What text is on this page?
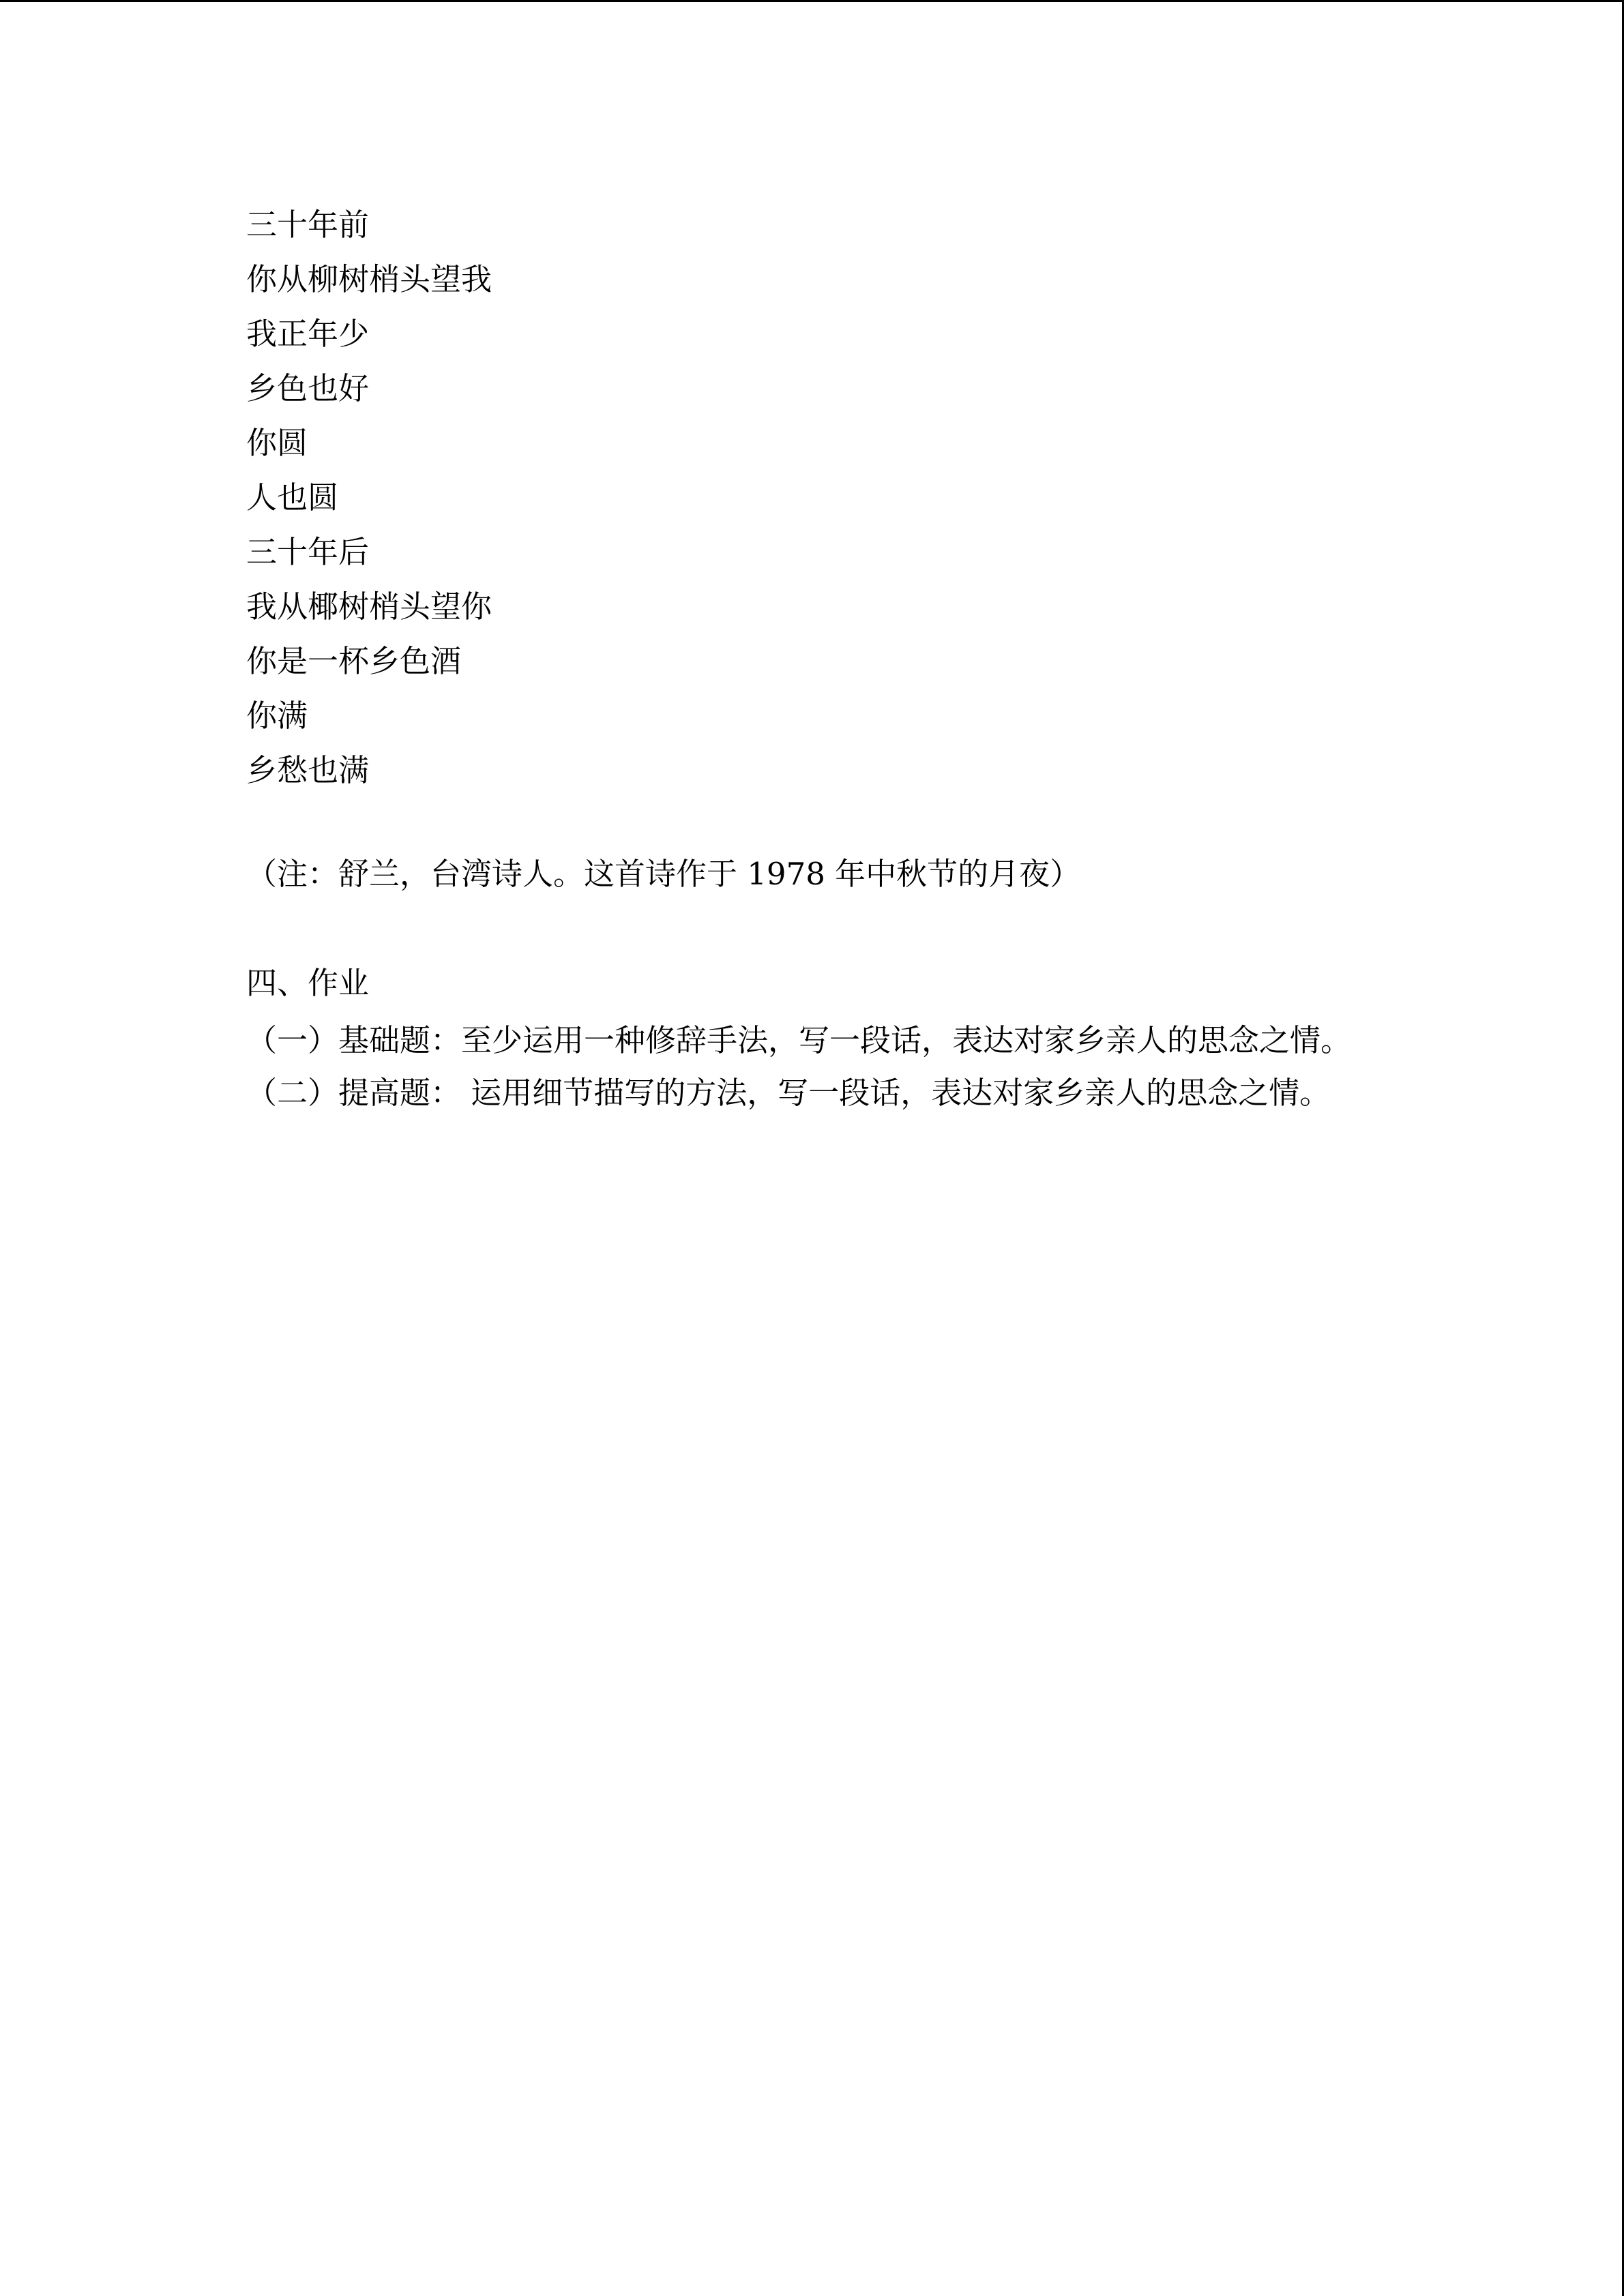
三十年前
你从柳树梢头望我
我正年少
乡色也好
你圆
人也圆
三十年后
我从椰树梢头望你
你是一杯乡色酒
你满
乡愁也满
（注：舒兰，台湾诗人。这首诗作于 1978 年中秋节的月夜）
四、作业
（一）基础题：至少运用一种修辞手法，写一段话，表达对家乡亲人的思念之情。
（二）提高题： 运用细节描写的方法，写一段话，表达对家乡亲人的思念之情。
